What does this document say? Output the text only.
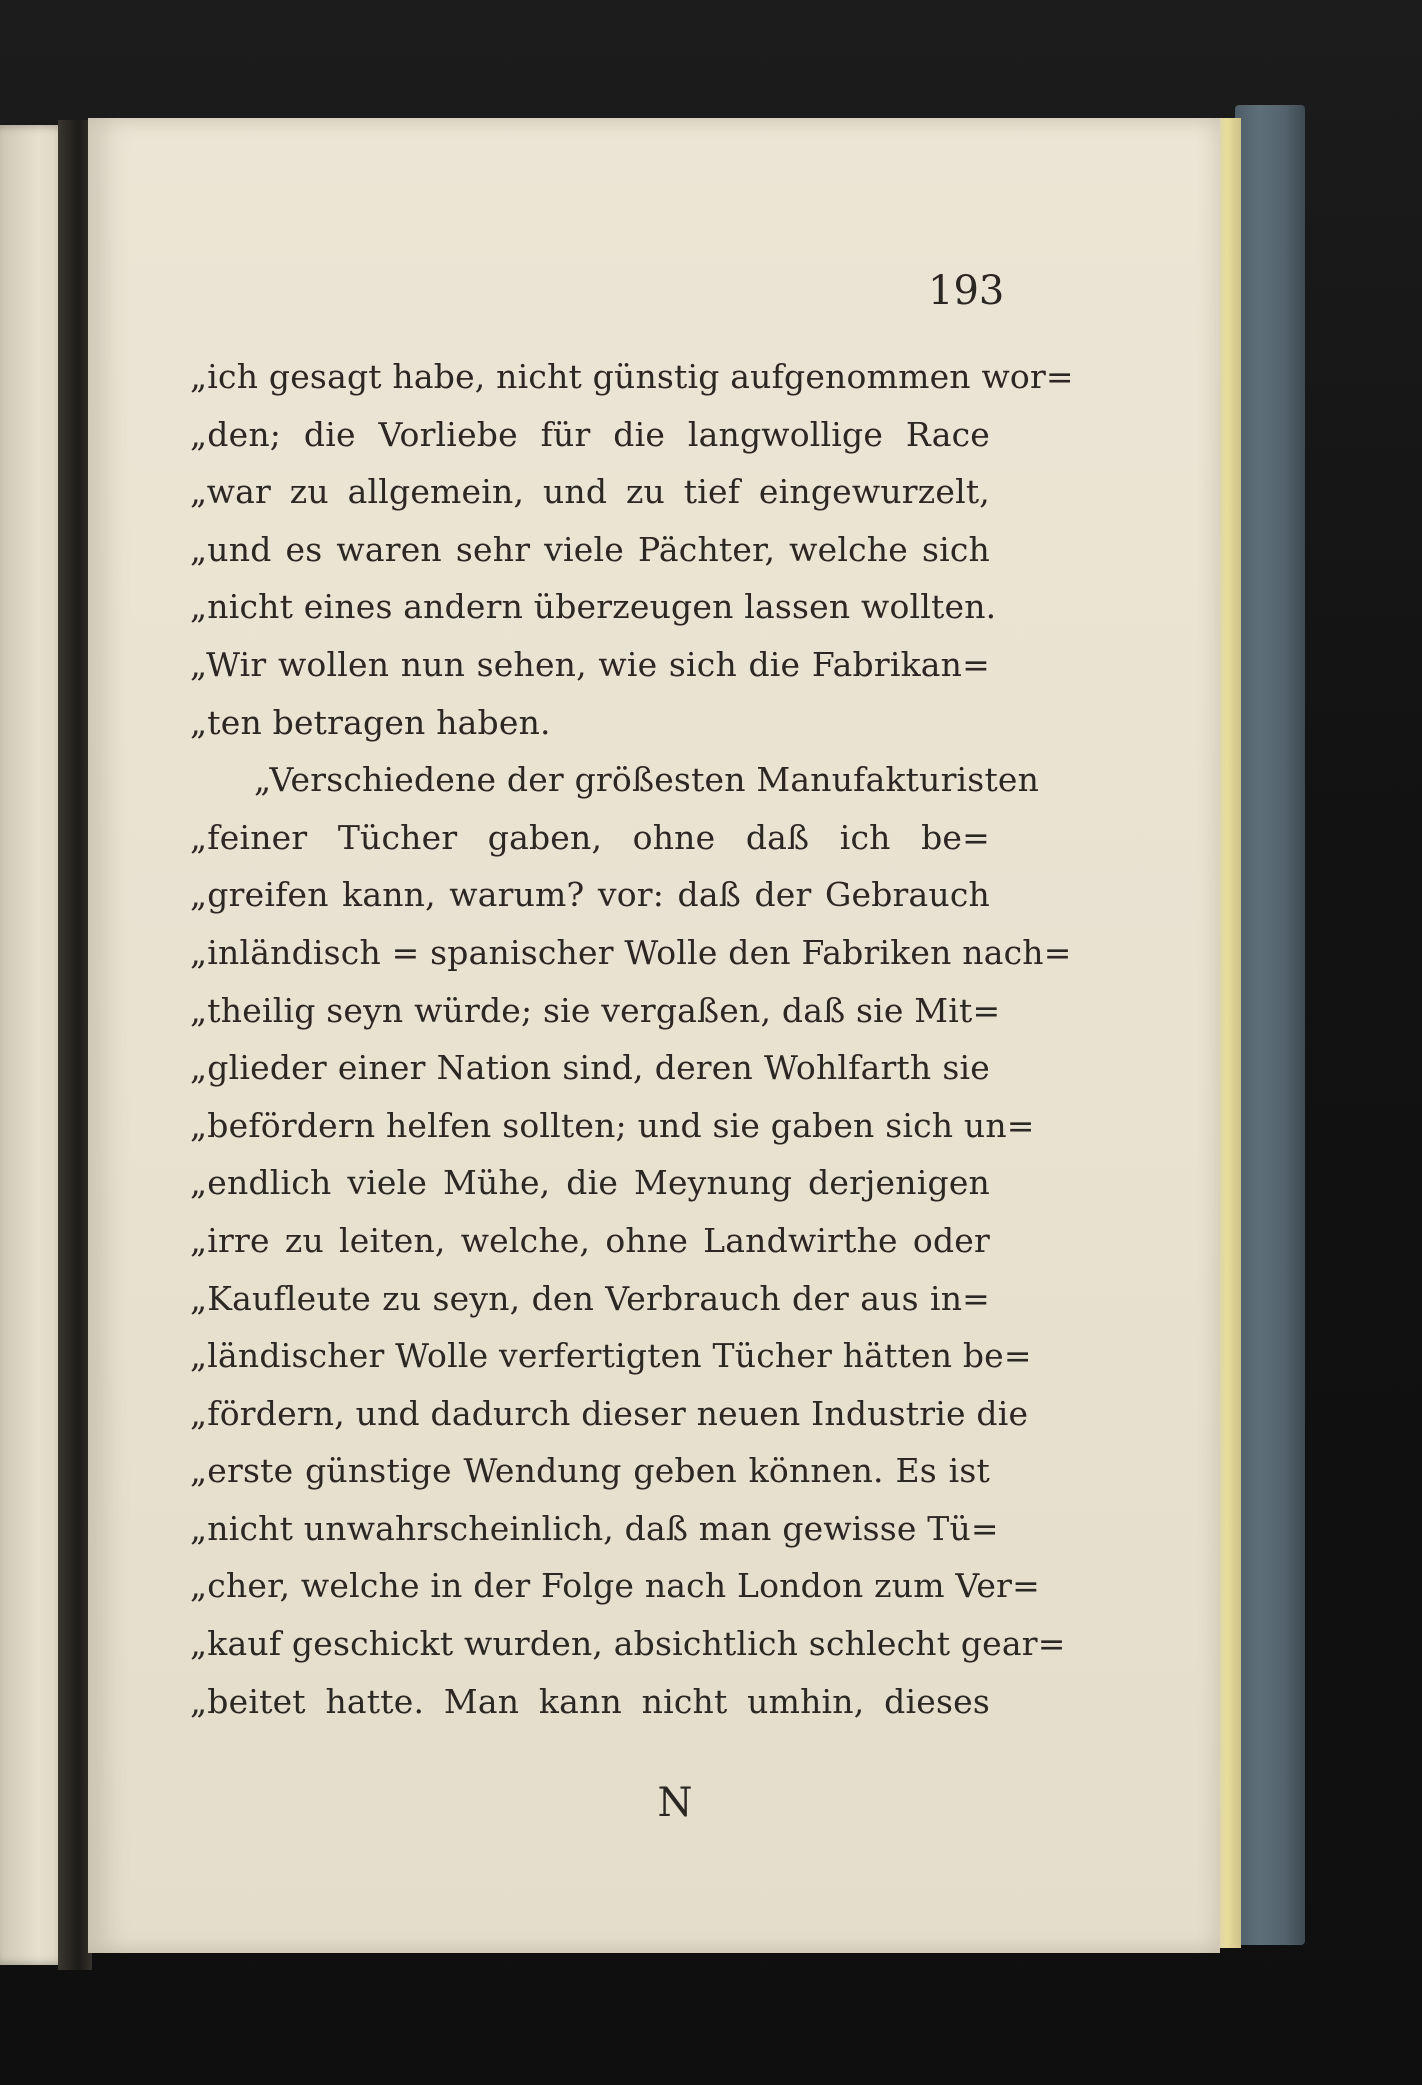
193
„ich gesagt habe, nicht günstig aufgenommen wor=
„den; die Vorliebe für die langwollige Race
„war zu allgemein, und zu tief eingewurzelt,
„und es waren sehr viele Pächter, welche sich
„nicht eines andern überzeugen lassen wollten.
„Wir wollen nun sehen, wie sich die Fabrikan=
„ten betragen haben.
„Verschiedene der größesten Manufakturisten
„feiner Tücher gaben, ohne daß ich be=
„greifen kann, warum? vor: daß der Gebrauch
„inländisch = spanischer Wolle den Fabriken nach=
„theilig seyn würde; sie vergaßen, daß sie Mit=
„glieder einer Nation sind, deren Wohlfarth sie
„befördern helfen sollten; und sie gaben sich un=
„endlich viele Mühe, die Meynung derjenigen
„irre zu leiten, welche, ohne Landwirthe oder
„Kaufleute zu seyn, den Verbrauch der aus in=
„ländischer Wolle verfertigten Tücher hätten be=
„fördern, und dadurch dieser neuen Industrie die
„erste günstige Wendung geben können. Es ist
„nicht unwahrscheinlich, daß man gewisse Tü=
„cher, welche in der Folge nach London zum Ver=
„kauf geschickt wurden, absichtlich schlecht gear=
„beitet hatte. Man kann nicht umhin, dieses
N
